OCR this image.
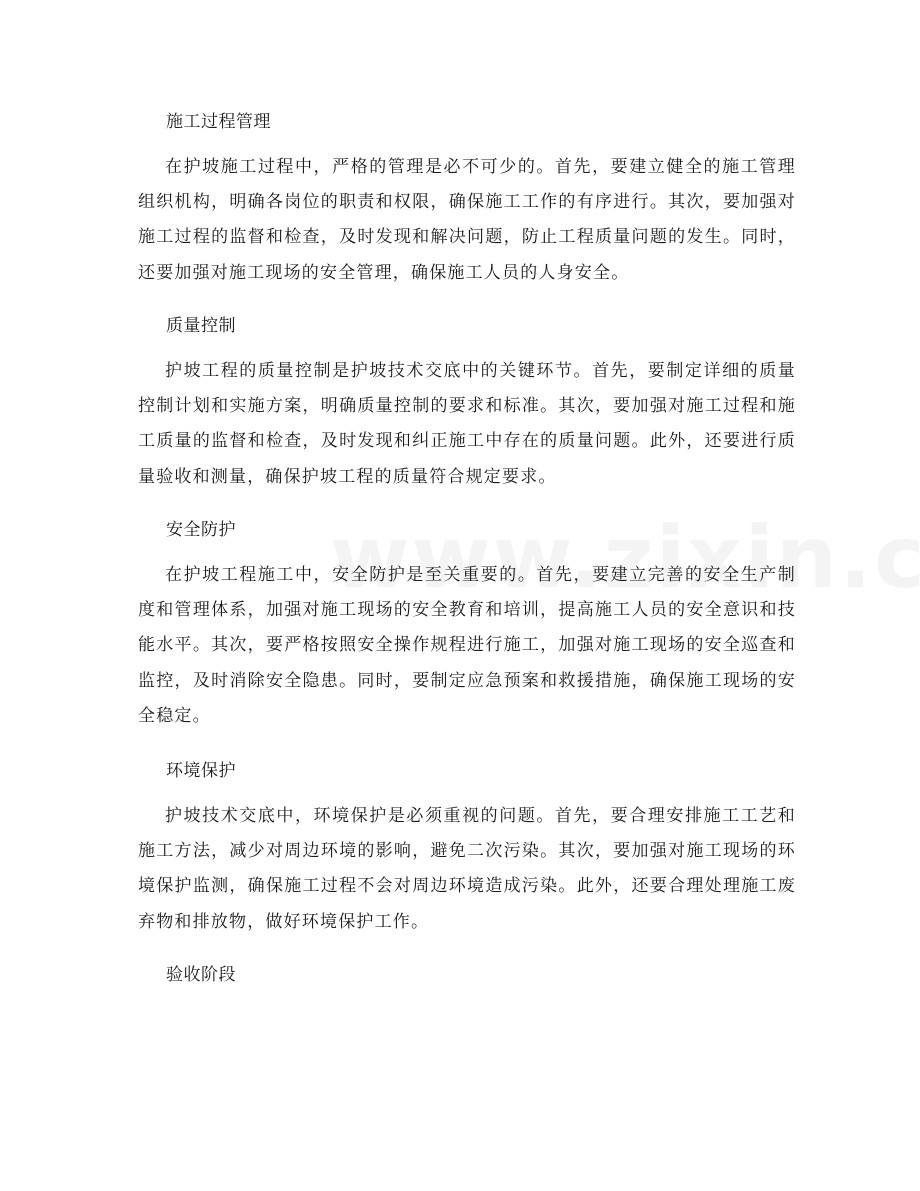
施工过程管理
在护坡施工过程中，严格的管理是必不可少的。首先，要建立健全的施工管理组织机构，明确各岗位的职责和权限，确保施工工作的有序进行。其次，要加强对施工过程的监督和检查，及时发现和解决问题，防止工程质量问题的发生。同时，还要加强对施工现场的安全管理，确保施工人员的人身安全。
质量控制
护坡工程的质量控制是护坡技术交底中的关键环节。首先，要制定详细的质量控制计划和实施方案，明确质量控制的要求和标准。其次，要加强对施工过程和施工质量的监督和检查，及时发现和纠正施工中存在的质量问题。此外，还要进行质量验收和测量，确保护坡工程的质量符合规定要求。
安全防护
在护坡工程施工中，安全防护是至关重要的。首先，要建立完善的安全生产制度和管理体系，加强对施工现场的安全教育和培训，提高施工人员的安全意识和技能水平。其次，要严格按照安全操作规程进行施工，加强对施工现场的安全巡查和监控，及时消除安全隐患。同时，要制定应急预案和救援措施，确保施工现场的安全稳定。
环境保护
护坡技术交底中，环境保护是必须重视的问题。首先，要合理安排施工工艺和施工方法，减少对周边环境的影响，避免二次污染。其次，要加强对施工现场的环境保护监测，确保施工过程不会对周边环境造成污染。此外，还要合理处理施工废弃物和排放物，做好环境保护工作。
验收阶段
